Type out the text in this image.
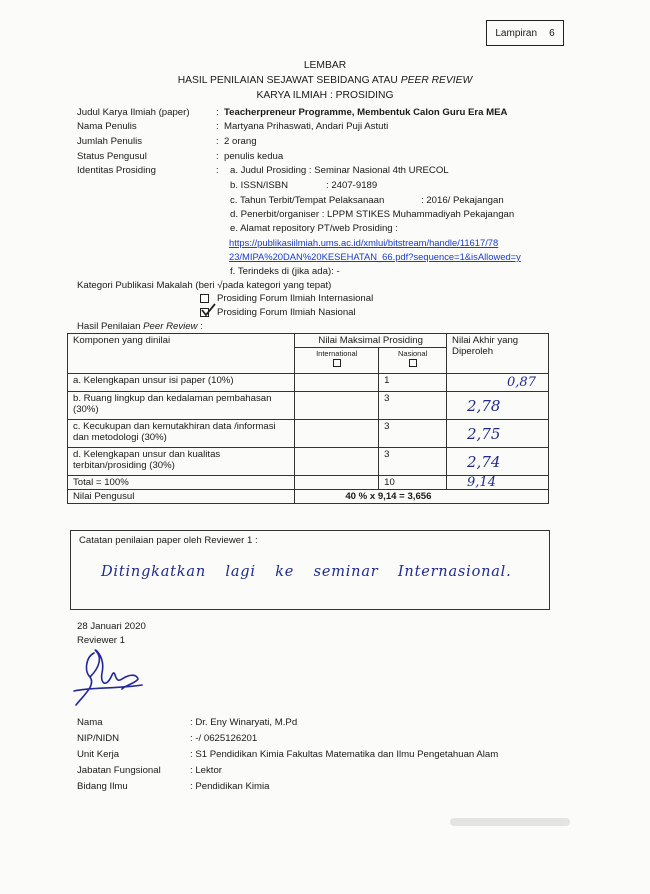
Lampiran 6
LEMBAR
HASIL PENILAIAN SEJAWAT SEBIDANG ATAU PEER REVIEW
KARYA ILMIAH : PROSIDING
Judul Karya Ilmiah (paper)	: Teacherpreneur Programme, Membentuk Calon Guru Era MEA
Nama Penulis	: Martyana Prihaswati, Andari Puji Astuti
Jumlah Penulis	: 2 orang
Status Pengusul	: penulis kedua
Identitas Prosiding	: a. Judul Prosiding : Seminar Nasional 4th URECOL
b. ISSN/ISBN	: 2407-9189
c. Tahun Terbit/Tempat Pelaksanaan	: 2016/ Pekajangan
d. Penerbit/organiser : LPPM STIKES Muhammadiyah Pekajangan
e. Alamat repository PT/web Prosiding :
https://publikasiilmiah.ums.ac.id/xmlui/bitstream/handle/11617/78
23/MIPA%20DAN%20KESEHATAN_66.pdf?sequence=1&isAllowed=y
f. Terindeks di (jika ada): -
Kategori Publikasi Makalah (beri √pada kategori yang tepat)
Prosiding Forum Ilmiah Internasional
Prosiding Forum Ilmiah Nasional
Hasil Penilaian Peer Review :
Komponen yang dinilai	Nilai Maksimal Prosiding		Nilai Akhir yang Diperoleh

	International	Nasional	

a. Kelengkapan unsur isi paper (10%)		1	0,87
b. Ruang lingkup dan kedalaman pembahasan (30%)		3	2,78
c. Kecukupan dan kemutakhiran data /informasi dan metodologi (30%)		3	2,75
d. Kelengkapan unsur dan kualitas terbitan/prosiding (30%)		3	2,74
Total = 100%		10	9,14
Nilai Pengusul	40 % x 9,14 = 3,656		
Catatan penilaian paper oleh Reviewer 1 :
Ditingkatkan lagi ke seminar Internasional.
28 Januari 2020
Reviewer 1
Nama	: Dr. Eny Winaryati, M.Pd
NIP/NIDN	: -/ 0625126201
Unit Kerja	: S1 Pendidikan Kimia Fakultas Matematika dan Ilmu Pengetahuan Alam
Jabatan Fungsional	: Lektor
Bidang Ilmu	: Pendidikan Kimia
